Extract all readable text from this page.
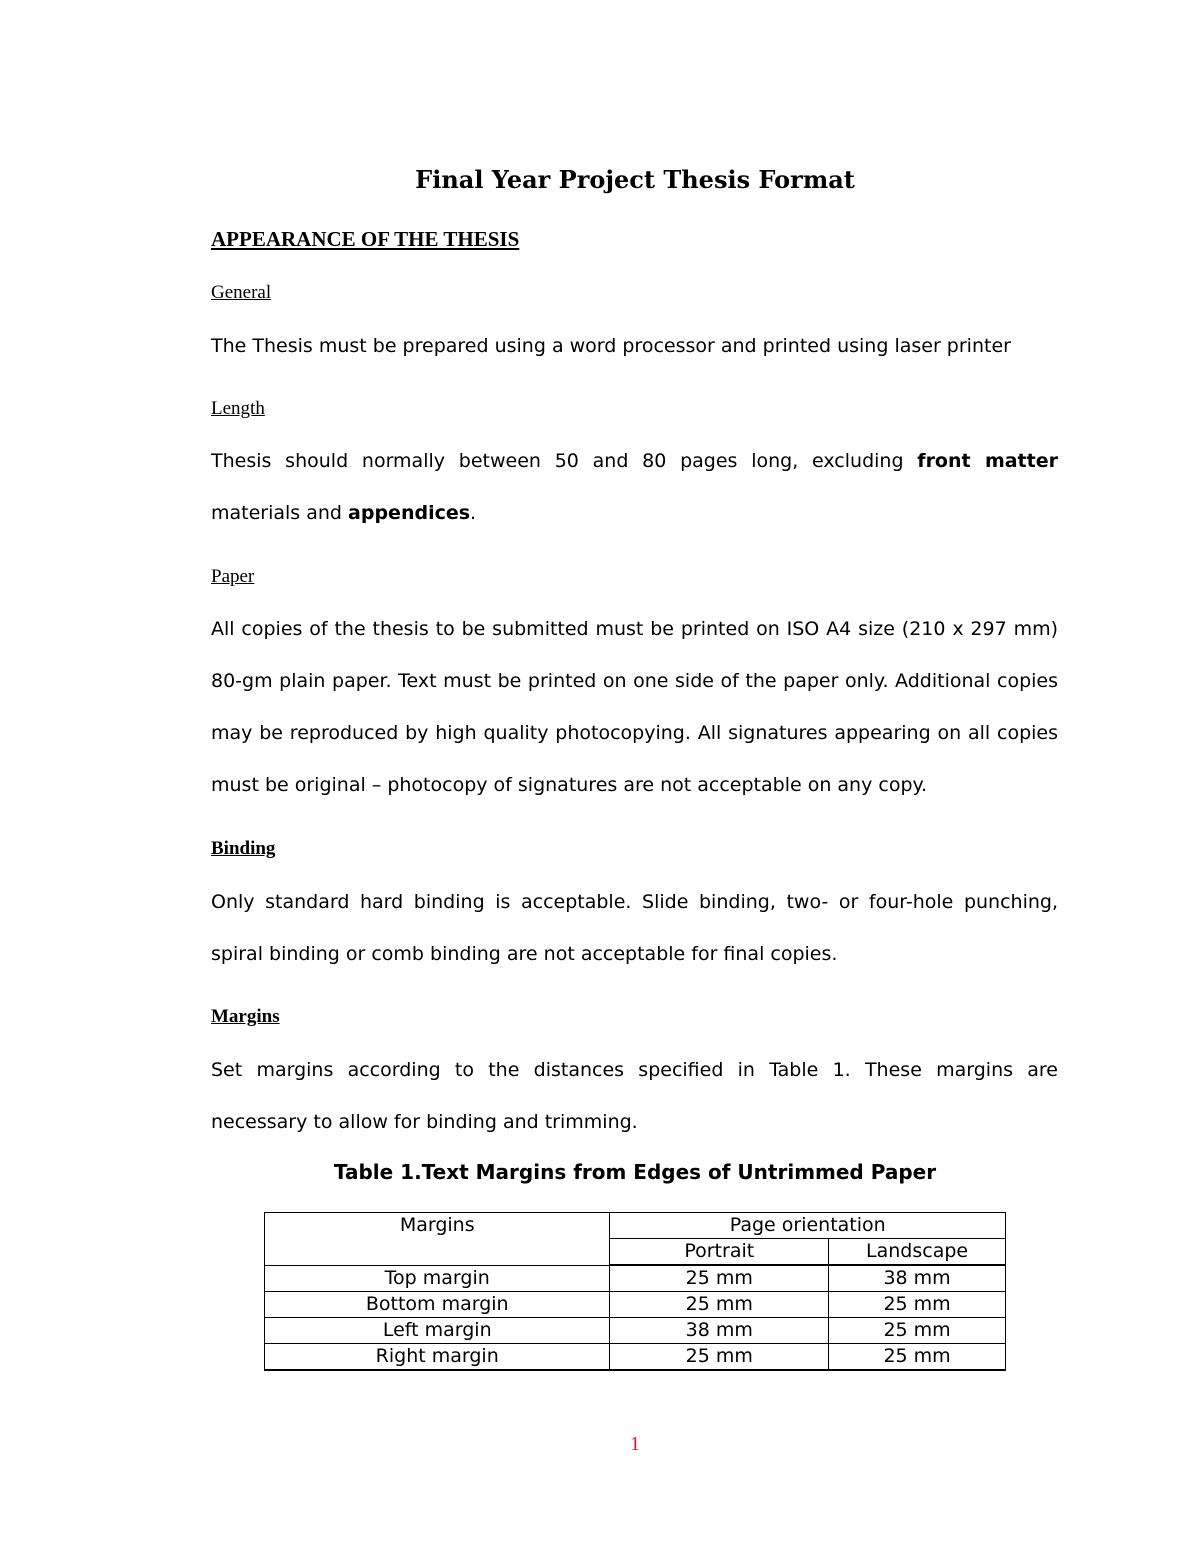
Final Year Project Thesis Format
APPEARANCE OF THE THESIS
General
The Thesis must be prepared using a word processor and printed using laser printer
Length
Thesis should normally between 50 and 80 pages long, excluding front matter materials and appendices.
Paper
All copies of the thesis to be submitted must be printed on ISO A4 size (210 x 297 mm) 80-gm plain paper. Text must be printed on one side of the paper only. Additional copies may be reproduced by high quality photocopying. All signatures appearing on all copies must be original – photocopy of signatures are not acceptable on any copy.
Binding
Only standard hard binding is acceptable. Slide binding, two- or four-hole punching, spiral binding or comb binding are not acceptable for final copies.
Margins
Set margins according to the distances specified in Table 1. These margins are necessary to allow for binding and trimming.
Table 1.Text Margins from Edges of Untrimmed Paper
Margins	Page orientation	
	Portrait	Landscape
Top margin	25 mm	38 mm
Bottom margin	25 mm	25 mm
Left margin	38 mm	25 mm
Right margin	25 mm	25 mm
1
